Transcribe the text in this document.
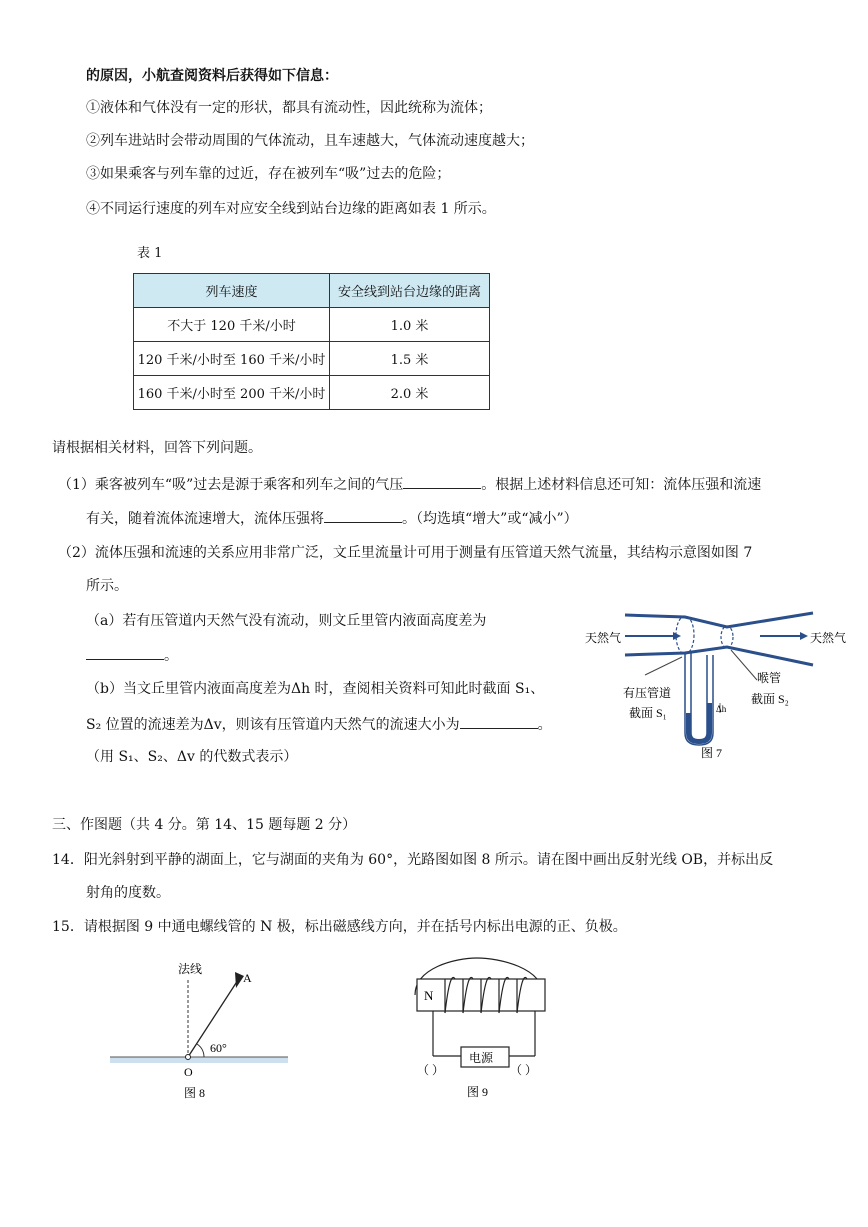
的原因，小航查阅资料后获得如下信息：
①液体和气体没有一定的形状，都具有流动性，因此统称为流体；
②列车进站时会带动周围的气体流动，且车速越大，气体流动速度越大；
③如果乘客与列车靠的过近，存在被列车“吸”过去的危险；
④不同运行速度的列车对应安全线到站台边缘的距离如表 1 所示。
表 1
列车速度	安全线到站台边缘的距离
不大于 120 千米/小时	1.0 米
120 千米/小时至 160 千米/小时	1.5 米
160 千米/小时至 200 千米/小时	2.0 米
请根据相关材料，回答下列问题。
（1）乘客被列车“吸”过去是源于乘客和列车之间的气压	。根据上述材料信息还可知：流体压强和流速
有关，随着流体流速增大，流体压强将	。（均选填“增大”或“减小”）
（2）流体压强和流速的关系应用非常广泛，文丘里流量计可用于测量有压管道天然气流量，其结构示意图如图 7
所示。
（a）若有压管道内天然气没有流动，则文丘里管内液面高度差为
。
（b）当文丘里管内液面高度差为Δh 时，查阅相关资料可知此时截面 S₁、
S₂ 位置的流速差为Δv，则该有压管道内天然气的流速大小为	。
（用 S₁、S₂、Δv 的代数式表示）
天然气	天然气
有压管道
截面 S₁
喉管
截面 S₂
Δh
图 7
三、作图题（共 4 分。第 14、15 题每题 2 分）
14．阳光斜射到平静的湖面上，它与湖面的夹角为 60°，光路图如图 8 所示。请在图中画出反射光线 OB，并标出反
射角的度数。
15．请根据图 9 中通电螺线管的 N 极，标出磁感线方向，并在括号内标出电源的正、负极。
法线
A
60°
O
图 8
N
电源
（ ）	（ ）
图 9
